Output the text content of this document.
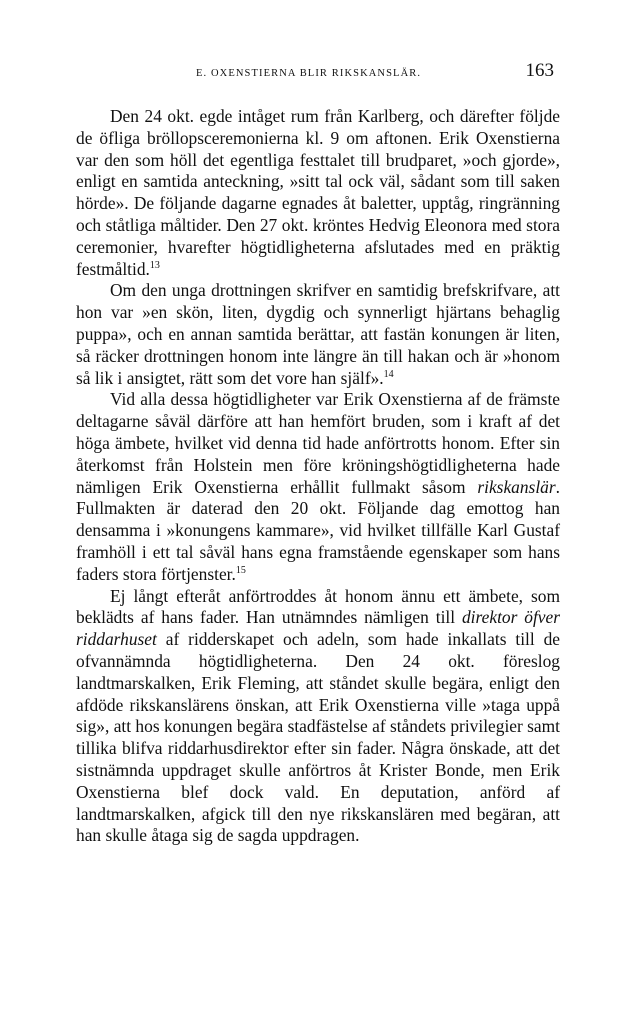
E. OXENSTIERNA BLIR RIKSKANSLÄR.	163

Den 24 okt. egde intåget rum från Karlberg, och därefter följde de öfliga bröllopsceremonierna kl. 9 om aftonen. Erik Oxenstierna var den som höll det egentliga festtalet till brudparet, »och gjorde», enligt en samtida anteckning, »sitt tal ock väl, sådant som till saken hörde». De följande dagarne egnades åt baletter, upptåg, ringränning och ståtliga måltider. Den 27 okt. kröntes Hedvig Eleonora med stora ceremonier, hvarefter högtidligheterna afslutades med en präktig festmåltid.$^{13}$

Om den unga drottningen skrifver en samtidig brefskrifvare, att hon var »en skön, liten, dygdig och synnerligt hjärtans behaglig puppa», och en annan samtida berättar, att fastän konungen är liten, så räcker drottningen honom inte längre än till hakan och är »honom så lik i ansigtet, rätt som det vore han själf».$^{14}$

Vid alla dessa högtidligheter var Erik Oxenstierna af de främste deltagarne såväl därföre att han hemfört bruden, som i kraft af det höga ämbete, hvilket vid denna tid hade anförtrotts honom. Efter sin återkomst från Holstein men före kröningshögtidligheterna hade nämligen Erik Oxenstierna erhållit fullmakt såsom rikskanslär. Fullmakten är daterad den 20 okt. Följande dag emottog han densamma i »konungens kammare», vid hvilket tillfälle Karl Gustaf framhöll i ett tal såväl hans egna framstående egenskaper som hans faders stora förtjenster.$^{15}$

Ej långt efteråt anförtroddes åt honom ännu ett ämbete, som beklädts af hans fader. Han utnämndes nämligen till direktor öfver riddarhuset af ridderskapet och adeln, som hade inkallats till de ofvannämnda högtidligheterna. Den 24 okt. föreslog landtmarskalken, Erik Fleming, att ståndet skulle begära, enligt den afdöde rikskanslärens önskan, att Erik Oxenstierna ville »taga uppå sig», att hos konungen begära stadfästelse af ståndets privilegier samt tillika blifva riddarhusdirektor efter sin fader. Några önskade, att det sistnämnda uppdraget skulle anförtros åt Krister Bonde, men Erik Oxenstierna blef dock vald. En deputation, anförd af landtmarskalken, afgick till den nye rikskanslären med begäran, att han skulle åtaga sig de sagda uppdragen.
